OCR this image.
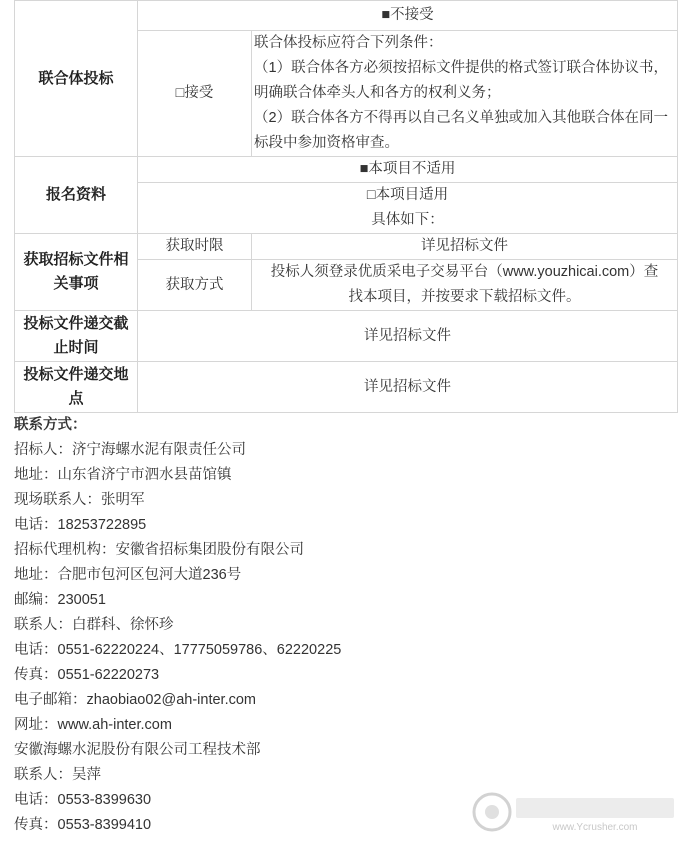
联合体投标	■不接受	
	□接受	联合体投标应符合下列条件：
（1）联合体各方必须按招标文件提供的格式签订联合体协议书，明确联合体牵头人和各方的权利义务；
（2）联合体各方不得再以自己名义单独或加入其他联合体在同一标段中参加资格审查。

报名资料	■本项目不适用	

	□本项目适用
具体如下：	

获取招标文件相关事项	获取时限	详见招标文件
	获取方式	投标人须登录优质采电子交易平台（www.youzhicai.com）查找本项目，并按要求下载招标文件。
投标文件递交截止时间	详见招标文件	
投标文件递交地点	详见招标文件	
联系方式：
招标人：济宁海螺水泥有限责任公司
地址：山东省济宁市泗水县苗馆镇
现场联系人：张明军
电话：18253722895
招标代理机构：安徽省招标集团股份有限公司
地址：合肥市包河区包河大道236号
邮编：230051
联系人：白群科、徐怀珍
电话：0551-62220224、17775059786、62220225
传真：0551-62220273
电子邮箱：zhaobiao02@ah-inter.com
网址：www.ah-inter.com
安徽海螺水泥股份有限公司工程技术部
联系人：吴萍
电话：0553-8399630
传真：0553-8399410	www.Ycrusher.com
